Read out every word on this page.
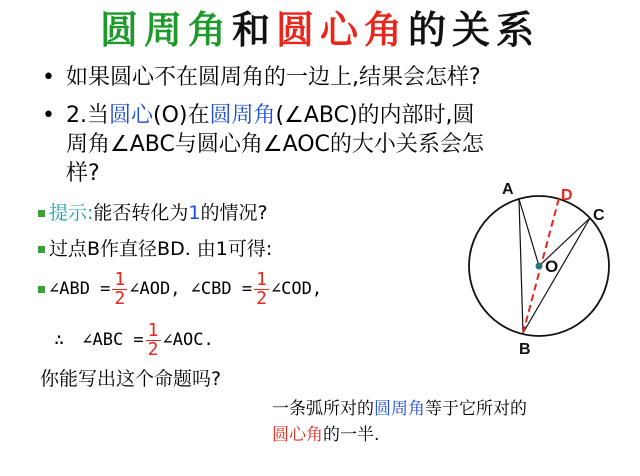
圆周角和圆心角的关系
• 如果圆心不在圆周角的一边上,结果会怎样?
• 2.当圆心(O)在圆周角(∠ABC)的内部时,圆
周角∠ABC与圆心角∠AOC的大小关系会怎
样?
提示:能否转化为1的情况?
过点B作直径BD. 由1可得:
∠ABD = $\frac{1}{2}$ ∠AOD, ∠CBD = $\frac{1}{2}$ ∠COD,
∴ ∠ABC = $\frac{1}{2}$ ∠AOC.
你能写出这个命题吗?
一条弧所对的圆周角等于它所对的
圆心角的一半.
A	D
C
O
B
